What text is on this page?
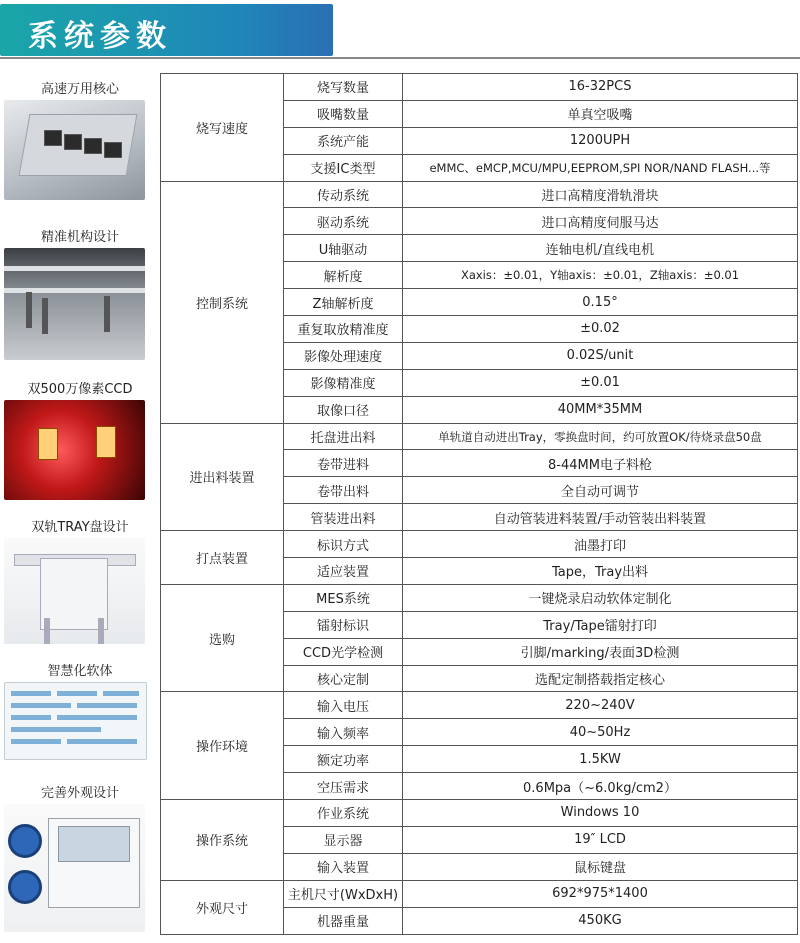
系统参数
高速万用核心
精准机构设计
双500万像素CCD
双轨TRAY盘设计
智慧化软体
完善外观设计
烧写速度	烧写数量	16-32PCS
	吸嘴数量	单真空吸嘴
	系统产能	1200UPH
	支援IC类型	eMMC、eMCP,MCU/MPU,EEPROM,SPI NOR/NAND FLASH...等
控制系统	传动系统	进口高精度滑轨滑块
	驱动系统	进口高精度伺服马达
	U轴驱动	连轴电机/直线电机
	解析度	Xaxis：±0.01，Y轴axis：±0.01，Z轴axis：±0.01
	Z轴解析度	0.15°
	重复取放精准度	±0.02
	影像处理速度	0.02S/unit
	影像精准度	±0.01
	取像口径	40MM*35MM
进出料装置	托盘进出料	单轨道自动进出Tray，零换盘时间，约可放置OK/待烧录盘50盘
	卷带进料	8-44MM电子料枪
	卷带出料	全自动可调节
	管装进出料	自动管装进料装置/手动管装出料装置
打点装置	标识方式	油墨打印
	适应装置	Tape，Tray出料
选购	MES系统	一键烧录启动软体定制化
	镭射标识	Tray/Tape镭射打印
	CCD光学检测	引脚/marking/表面3D检测
	核心定制	选配定制搭载指定核心
操作环境	输入电压	220~240V
	输入频率	40~50Hz
	额定功率	1.5KW
	空压需求	0.6Mpa（~6.0kg/cm2）
操作系统	作业系统	Windows 10
	显示器	19″ LCD
	输入装置	鼠标键盘
外观尺寸	主机尺寸(WxDxH)	692*975*1400
	机器重量	450KG
